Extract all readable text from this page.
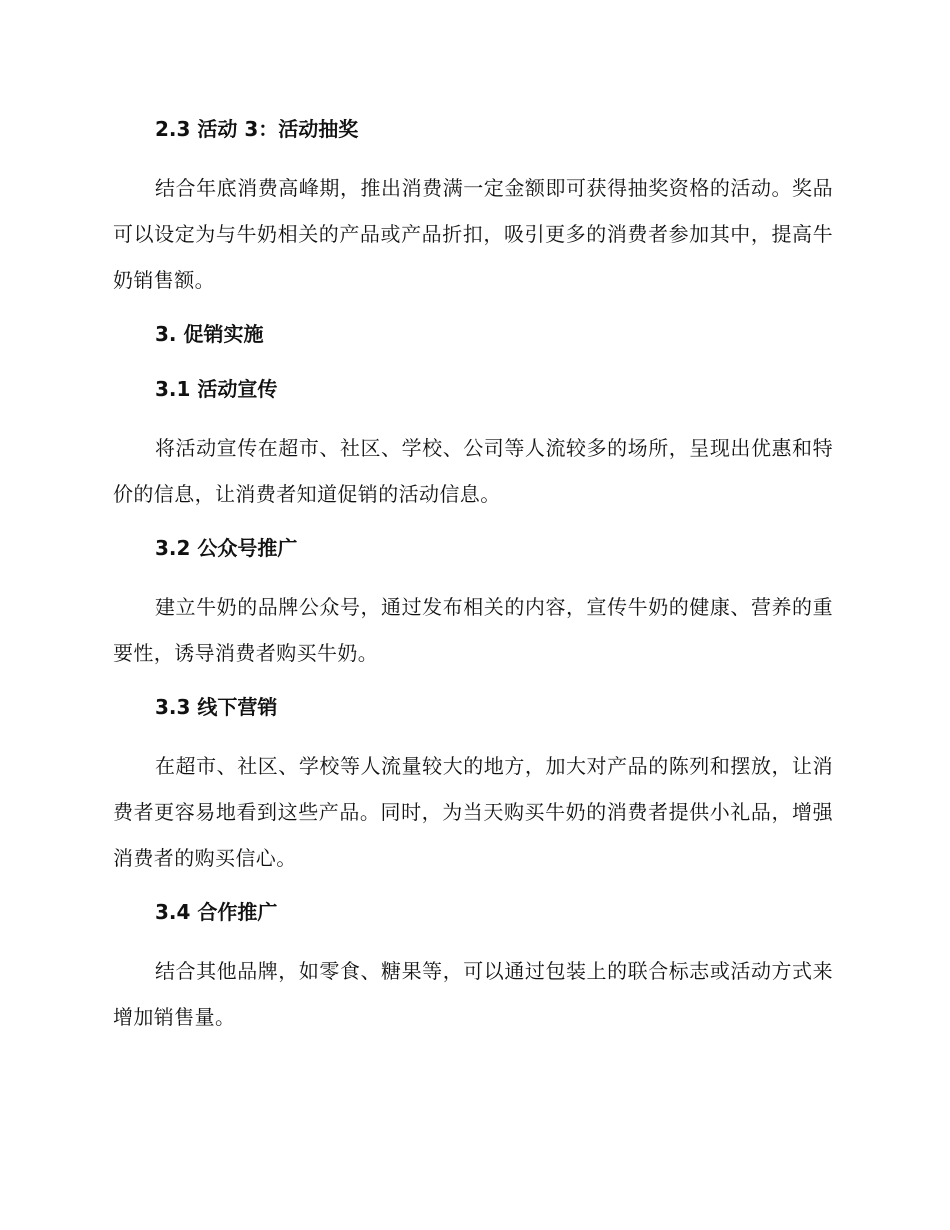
2.3 活动 3：活动抽奖
结合年底消费高峰期，推出消费满一定金额即可获得抽奖资格的活动。奖品可以设定为与牛奶相关的产品或产品折扣，吸引更多的消费者参加其中，提高牛奶销售额。
3. 促销实施
3.1 活动宣传
将活动宣传在超市、社区、学校、公司等人流较多的场所，呈现出优惠和特价的信息，让消费者知道促销的活动信息。
3.2 公众号推广
建立牛奶的品牌公众号，通过发布相关的内容，宣传牛奶的健康、营养的重要性，诱导消费者购买牛奶。
3.3 线下营销
在超市、社区、学校等人流量较大的地方，加大对产品的陈列和摆放，让消费者更容易地看到这些产品。同时，为当天购买牛奶的消费者提供小礼品，增强消费者的购买信心。
3.4 合作推广
结合其他品牌，如零食、糖果等，可以通过包装上的联合标志或活动方式来增加销售量。
